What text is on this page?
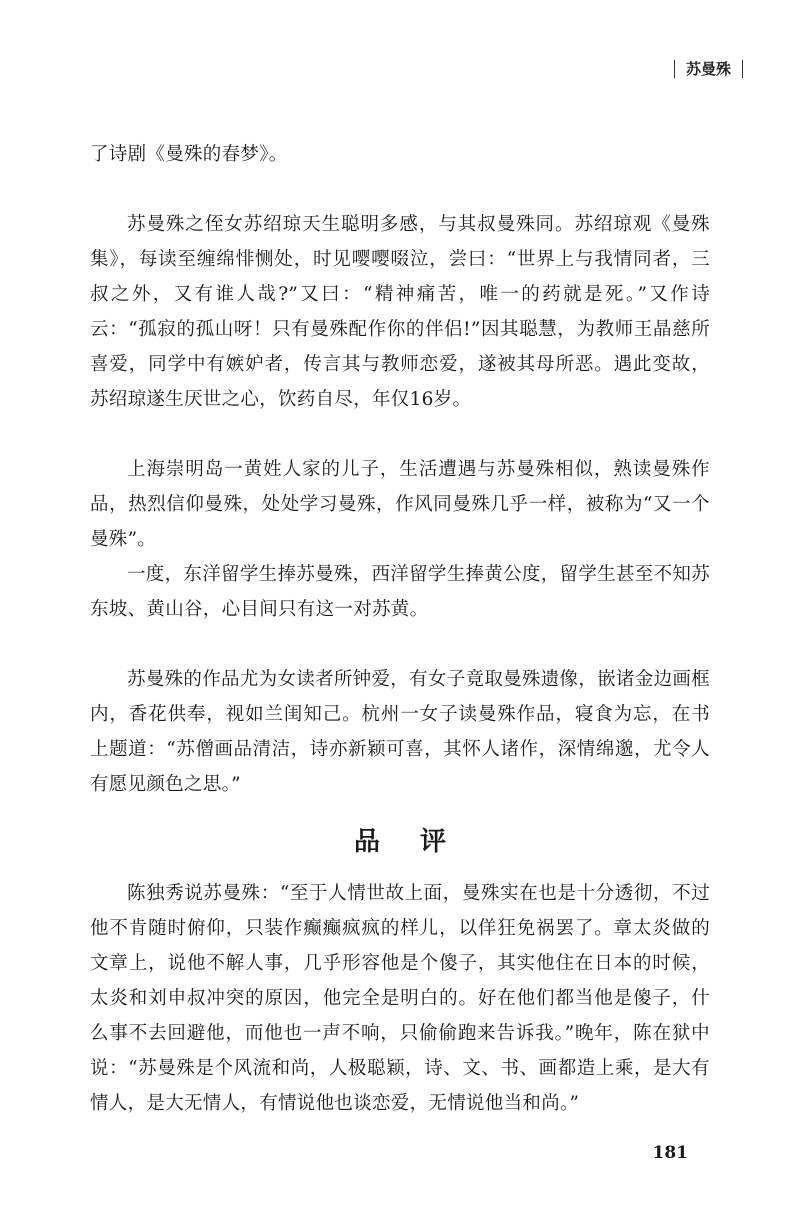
苏曼殊

了诗剧《曼殊的春梦》。

苏曼殊之侄女苏绍琼天生聪明多感，与其叔曼殊同。苏绍琼观《曼殊集》，每读至缠绵悱恻处，时见嘤嘤啜泣，尝曰：“世界上与我情同者，三叔之外，又有谁人哉?”又曰：“精神痛苦，唯一的药就是死。”又作诗云：“孤寂的孤山呀！只有曼殊配作你的伴侣!”因其聪慧，为教师王晶慈所喜爱，同学中有嫉妒者，传言其与教师恋爱，遂被其母所恶。遇此变故，苏绍琼遂生厌世之心，饮药自尽，年仅16岁。

上海崇明岛一黄姓人家的儿子，生活遭遇与苏曼殊相似，熟读曼殊作品，热烈信仰曼殊，处处学习曼殊，作风同曼殊几乎一样，被称为“又一个曼殊”。

一度，东洋留学生捧苏曼殊，西洋留学生捧黄公度，留学生甚至不知苏东坡、黄山谷，心目间只有这一对苏黄。

苏曼殊的作品尤为女读者所钟爱，有女子竟取曼殊遗像，嵌诸金边画框内，香花供奉，视如兰闺知己。杭州一女子读曼殊作品，寝食为忘，在书上题道：“苏僧画品清洁，诗亦新颖可喜，其怀人诸作，深情绵邈，尤令人有愿见颜色之思。”

品评

陈独秀说苏曼殊：“至于人情世故上面，曼殊实在也是十分透彻，不过他不肯随时俯仰，只装作癫癫疯疯的样儿，以佯狂免祸罢了。章太炎做的文章上，说他不解人事，几乎形容他是个傻子，其实他住在日本的时候，太炎和刘申叔冲突的原因，他完全是明白的。好在他们都当他是傻子，什么事不去回避他，而他也一声不响，只偷偷跑来告诉我。”晚年，陈在狱中说：“苏曼殊是个风流和尚，人极聪颖，诗、文、书、画都造上乘，是大有情人，是大无情人，有情说他也谈恋爱，无情说他当和尚。”

181
